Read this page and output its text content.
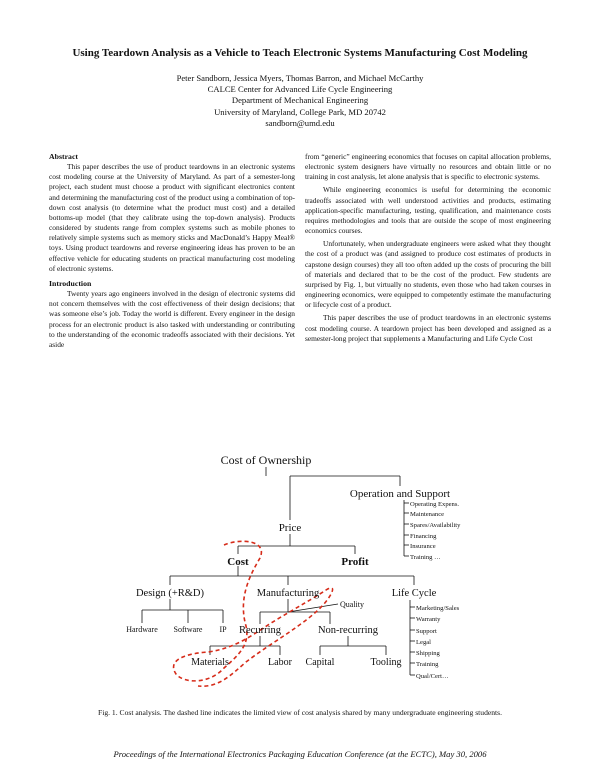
Using Teardown Analysis as a Vehicle to Teach Electronic Systems Manufacturing Cost Modeling
Peter Sandborn, Jessica Myers, Thomas Barron, and Michael McCarthy
CALCE Center for Advanced Life Cycle Engineering
Department of Mechanical Engineering
University of Maryland, College Park, MD 20742
sandborn@umd.edu
Abstract

This paper describes the use of product teardowns in an electronic systems cost modeling course at the University of Maryland. As part of a semester-long project, each student must choose a product with significant electronics content and determining the manufacturing cost of the product using a combination of top-down cost analysis (to determine what the product must cost) and a detailed bottoms-up model (that they calibrate using the top-down analysis). Products considered by students range from complex systems such as mobile phones to relatively simple systems such as memory sticks and MacDonald’s Happy Meal® toys. Using product teardowns and reverse engineering ideas has proven to be an effective vehicle for educating students on practical manufacturing cost modeling of electronic systems.

Introduction

Twenty years ago engineers involved in the design of electronic systems did not concern themselves with the cost effectiveness of their design decisions; that was someone else’s job. Today the world is different. Every engineer in the design process for an electronic product is also tasked with understanding or contributing to the understanding of the economic tradeoffs associated with their decisions. Yet aside

from “generic” engineering economics that focuses on capital allocation problems, electronic system designers have virtually no resources and obtain little or no training in cost analysis, let alone analysis that is specific to electronic systems.

While engineering economics is useful for determining the economic tradeoffs associated with well understood activities and products, estimating application-specific manufacturing, testing, qualification, and maintenance costs requires methodologies and tools that are outside the scope of most engineering economics courses.

Unfortunately, when undergraduate engineers were asked what they thought the cost of a product was (and assigned to produce cost estimates of products in capstone design courses) they all too often added up the costs of procuring the bill of materials and declared that to be the cost of the product. Few students are surprised by Fig. 1, but virtually no students, even those who had taken courses in engineering economics, were equipped to competently estimate the manufacturing or lifecycle cost of a product.

This paper describes the use of product teardowns in an electronic systems cost modeling course. A teardown project has been developed and assigned as a semester-long project that supplements a Manufacturing and Life Cycle Cost

Cost of Ownership
Operation and Support
Operating Expens.
Maintenance
Spares/Availability
Financing
Insurance
Training …
Price
Cost	Profit
Design (+R&D)	Manufacturing	Life Cycle
Hardware Software IP
Quality
Recurring	Non-recurring
Marketing/Sales
Warranty
Support
Legal
Shipping
Training
Qual/Cert…
Materials	Labor Capital	Tooling
Fig. 1. Cost analysis. The dashed line indicates the limited view of cost analysis shared by many undergraduate engineering students.
Proceedings of the International Electronics Packaging Education Conference (at the ECTC), May 30, 2006
